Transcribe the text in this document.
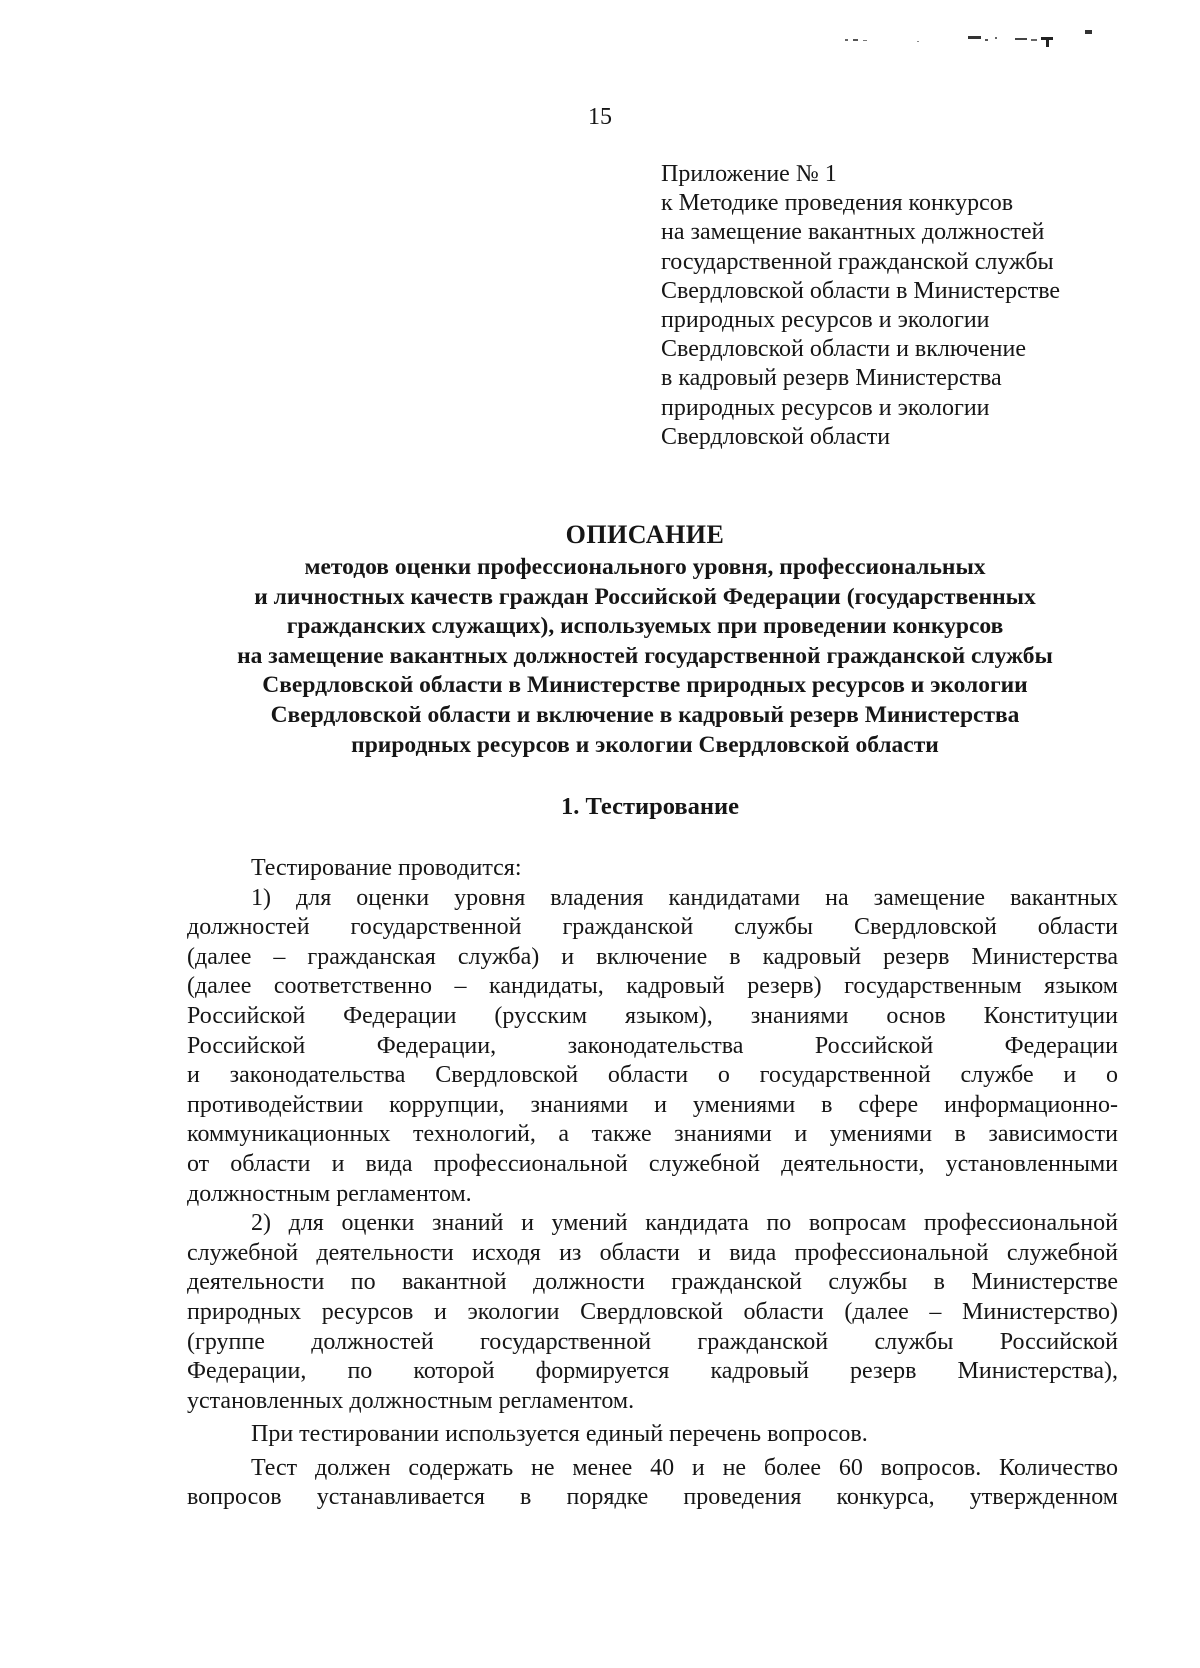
15
Приложение № 1
к Методике проведения конкурсов
на замещение вакантных должностей
государственной гражданской службы
Свердловской области в Министерстве
природных ресурсов и экологии
Свердловской области и включение
в кадровый резерв Министерства
природных ресурсов и экологии
Свердловской области
ОПИСАНИЕ
методов оценки профессионального уровня, профессиональных
и личностных качеств граждан Российской Федерации (государственных
гражданских служащих), используемых при проведении конкурсов
на замещение вакантных должностей государственной гражданской службы
Свердловской области в Министерстве природных ресурсов и экологии
Свердловской области и включение в кадровый резерв Министерства
природных ресурсов и экологии Свердловской области
1. Тестирование

Тестирование проводится:

1) для оценки уровня владения кандидатами на замещение вакантных
должностей государственной гражданской службы Свердловской области
(далее – гражданская служба) и включение в кадровый резерв Министерства
(далее соответственно – кандидаты, кадровый резерв) государственным языком
Российской Федерации (русским языком), знаниями основ Конституции
Российской Федерации, законодательства Российской Федерации
и законодательства Свердловской области о государственной службе и о
противодействии коррупции, знаниями и умениями в сфере информационно-
коммуникационных технологий, а также знаниями и умениями в зависимости
от области и вида профессиональной служебной деятельности, установленными
должностным регламентом.

2) для оценки знаний и умений кандидата по вопросам профессиональной
служебной деятельности исходя из области и вида профессиональной служебной
деятельности по вакантной должности гражданской службы в Министерстве
природных ресурсов и экологии Свердловской области (далее – Министерство)
(группе должностей государственной гражданской службы Российской
Федерации, по которой формируется кадровый резерв Министерства),
установленных должностным регламентом.

При тестировании используется единый перечень вопросов.

Тест должен содержать не менее 40 и не более 60 вопросов. Количество
вопросов устанавливается в порядке проведения конкурса, утвержденном
